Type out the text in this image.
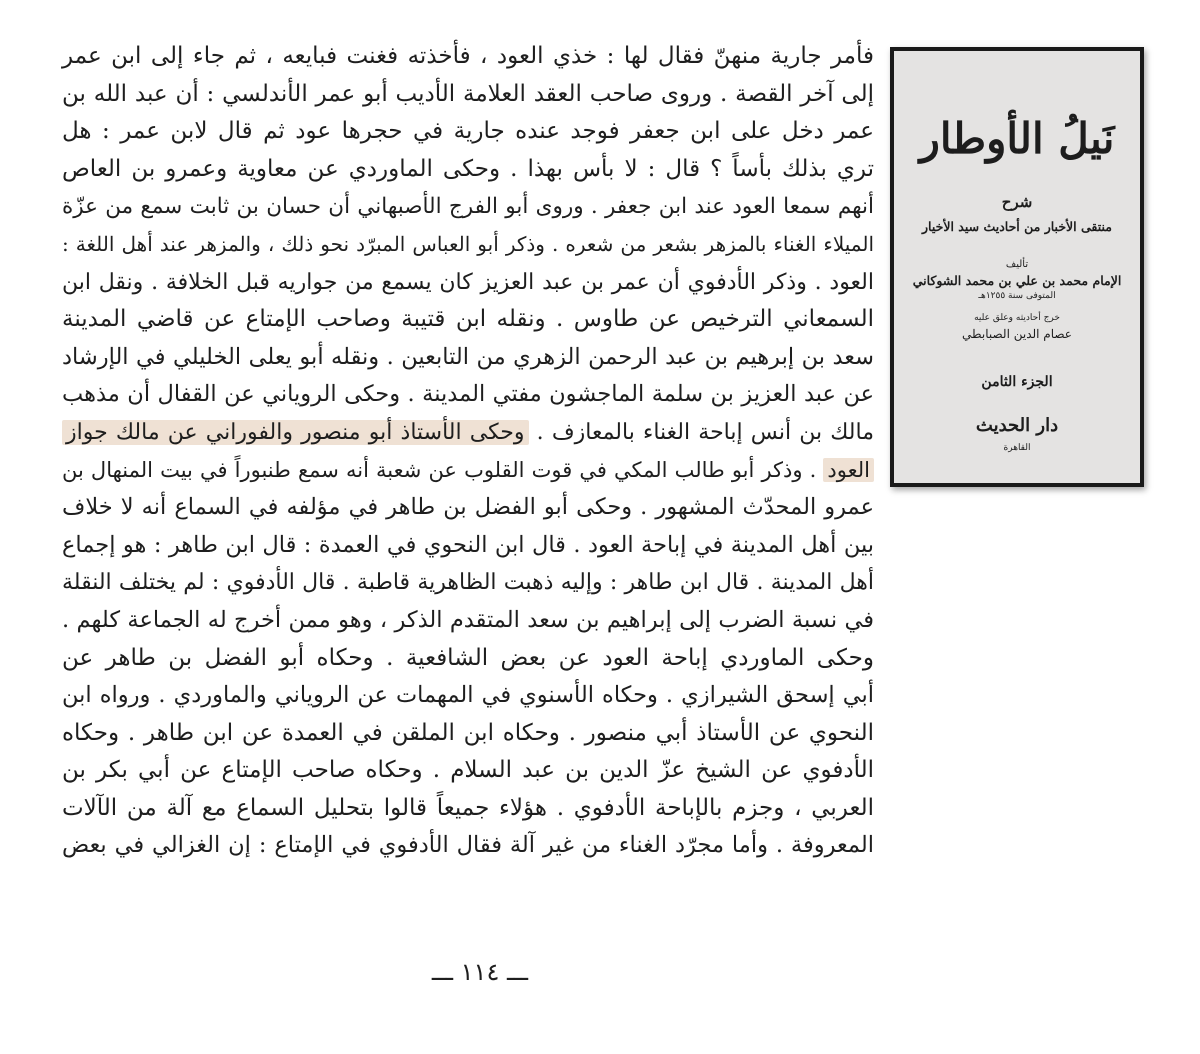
فأمر جارية منهنّ فقال لها : خذي العود ، فأخذته فغنت فبايعه ، ثم جاء إلى ابن عمر
إلى آخر القصة . وروى صاحب العقد العلامة الأديب أبو عمر الأندلسي : أن عبد الله بن
عمر دخل على ابن جعفر فوجد عنده جارية في حجرها عود ثم قال لابن عمر : هل
تري بذلك بأساً ؟ قال : لا بأس بهذا . وحكى الماوردي عن معاوية وعمرو بن العاص
أنهم سمعا العود عند ابن جعفر . وروى أبو الفرج الأصبهاني أن حسان بن ثابت سمع من عزّة
الميلاء الغناء بالمزهر بشعر من شعره . وذكر أبو العباس المبرّد نحو ذلك ، والمزهر عند أهل اللغة :
العود . وذكر الأدفوي أن عمر بن عبد العزيز كان يسمع من جواريه قبل الخلافة . ونقل ابن
السمعاني الترخيص عن طاوس . ونقله ابن قتيبة وصاحب الإمتاع عن قاضي المدينة
سعد بن إبرهيم بن عبد الرحمن الزهري من التابعين . ونقله أبو يعلى الخليلي في الإرشاد
عن عبد العزيز بن سلمة الماجشون مفتي المدينة . وحكى الروياني عن القفال أن مذهب
مالك بن أنس إباحة الغناء بالمعازف . وحكى الأستاذ أبو منصور والفوراني عن مالك جواز
العود . وذكر أبو طالب المكي في قوت القلوب عن شعبة أنه سمع طنبوراً في بيت المنهال بن
عمرو المحدّث المشهور . وحكى أبو الفضل بن طاهر في مؤلفه في السماع أنه لا خلاف
بين أهل المدينة في إباحة العود . قال ابن النحوي في العمدة : قال ابن طاهر : هو إجماع
أهل المدينة . قال ابن طاهر : وإليه ذهبت الظاهرية قاطبة . قال الأدفوي : لم يختلف النقلة
في نسبة الضرب إلى إبراهيم بن سعد المتقدم الذكر ، وهو ممن أخرج له الجماعة كلهم .
وحكى الماوردي إباحة العود عن بعض الشافعية . وحكاه أبو الفضل بن طاهر عن
أبي إسحق الشيرازي . وحكاه الأسنوي في المهمات عن الروياني والماوردي . ورواه ابن
النحوي عن الأستاذ أبي منصور . وحكاه ابن الملقن في العمدة عن ابن طاهر . وحكاه
الأدفوي عن الشيخ عزّ الدين بن عبد السلام . وحكاه صاحب الإمتاع عن أبي بكر بن
العربي ، وجزم بالإباحة الأدفوي . هؤلاء جميعاً قالوا بتحليل السماع مع آلة من الآلات
المعروفة . وأما مجرّد الغناء من غير آلة فقال الأدفوي في الإمتاع : إن الغزالي في بعض
ـــ ١١٤ ـــ
نَيلُ الأوطار
شرح
منتقى الأخبار من أحاديث سيد الأخيار
تأليف
الإمام محمد بن علي بن محمد الشوكاني
المتوفى سنة ١٢٥٥هـ
خرج أحاديثه وعلق عليه
عصام الدين الصبابطي
الجزء الثامن
دار الحديث
القاهرة
